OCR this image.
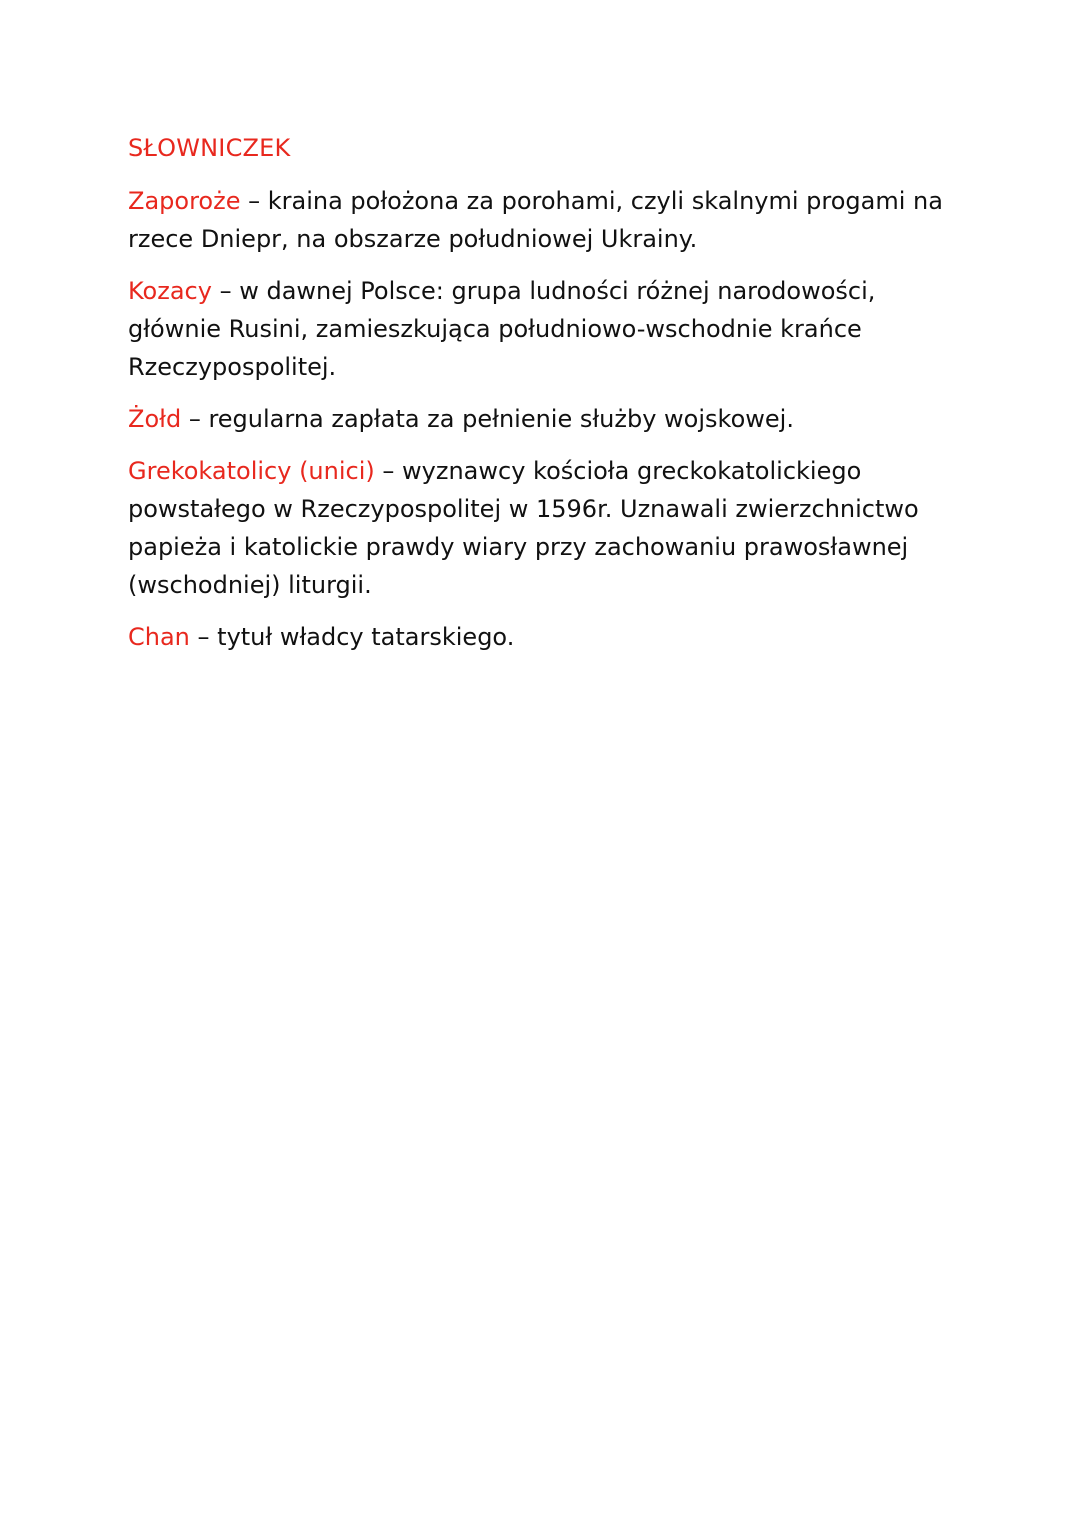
SŁOWNICZEK

Zaporoże – kraina położona za porohami, czyli skalnymi progami na rzece Dniepr, na obszarze południowej Ukrainy.

Kozacy – w dawnej Polsce: grupa ludności różnej narodowości, głównie Rusini, zamieszkująca południowo-wschodnie krańce Rzeczypospolitej.

Żołd – regularna zapłata za pełnienie służby wojskowej.

Grekokatolicy (unici) – wyznawcy kościoła greckokatolickiego powstałego w Rzeczypospolitej w 1596r. Uznawali zwierzchnictwo papieża i katolickie prawdy wiary przy zachowaniu prawosławnej (wschodniej) liturgii.

Chan – tytuł władcy tatarskiego.
